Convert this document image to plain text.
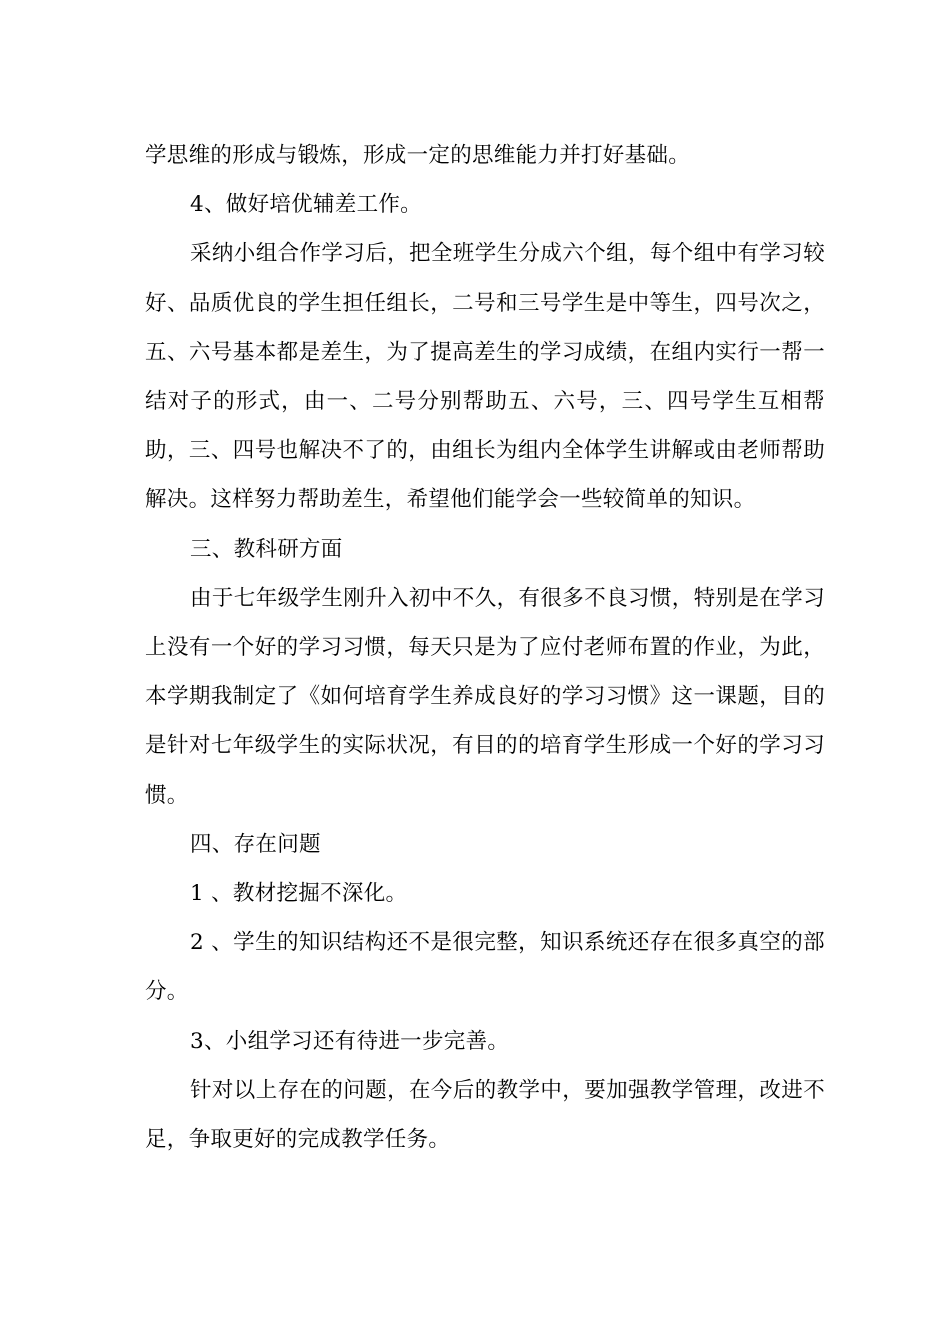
学思维的形成与锻炼，形成一定的思维能力并打好基础。

4、做好培优辅差工作。

采纳小组合作学习后，把全班学生分成六个组，每个组中有学习较好、品质优良的学生担任组长，二号和三号学生是中等生，四号次之，五、六号基本都是差生，为了提高差生的学习成绩，在组内实行一帮一结对子的形式，由一、二号分别帮助五、六号，三、四号学生互相帮助，三、四号也解决不了的，由组长为组内全体学生讲解或由老师帮助解决。这样努力帮助差生，希望他们能学会一些较简单的知识。

三、教科研方面

由于七年级学生刚升入初中不久，有很多不良习惯，特别是在学习上没有一个好的学习习惯，每天只是为了应付老师布置的作业，为此，本学期我制定了《如何培育学生养成良好的学习习惯》这一课题，目的是针对七年级学生的实际状况，有目的的培育学生形成一个好的学习习惯。

四、存在问题

1 、教材挖掘不深化。

2 、学生的知识结构还不是很完整，知识系统还存在很多真空的部分。

3、小组学习还有待进一步完善。

针对以上存在的问题，在今后的教学中，要加强教学管理，改进不足，争取更好的完成教学任务。
